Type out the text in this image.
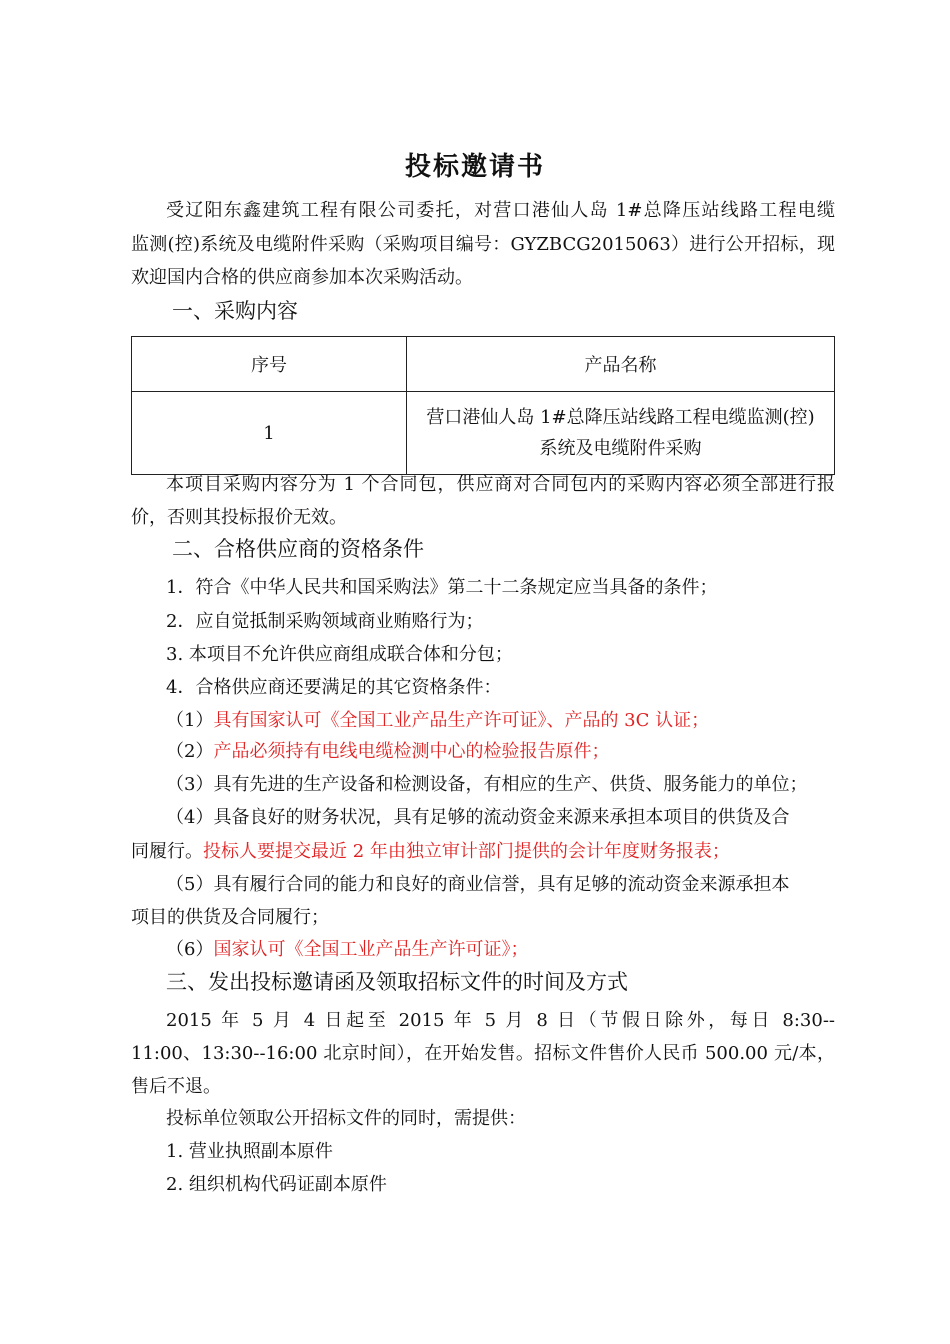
投标邀请书
受辽阳东鑫建筑工程有限公司委托，对营口港仙人岛 1#总降压站线路工程电缆
监测(控)系统及电缆附件采购（采购项目编号：GYZBCG2015063）进行公开招标，现
欢迎国内合格的供应商参加本次采购活动。
一、采购内容
序号	产品名称
1	营口港仙人岛 1#总降压站线路工程电缆监测(控)
系统及电缆附件采购
本项目采购内容分为 1 个合同包，供应商对合同包内的采购内容必须全部进行报
价，否则其投标报价无效。
二、合格供应商的资格条件
1．符合《中华人民共和国采购法》第二十二条规定应当具备的条件；
2．应自觉抵制采购领域商业贿赂行为；
3. 本项目不允许供应商组成联合体和分包；
4．合格供应商还要满足的其它资格条件：
（1）具有国家认可《全国工业产品生产许可证》、产品的 3C 认证；
（2）产品必须持有电线电缆检测中心的检验报告原件；
（3）具有先进的生产设备和检测设备，有相应的生产、供货、服务能力的单位；
（4）具备良好的财务状况，具有足够的流动资金来源来承担本项目的供货及合
同履行。投标人要提交最近 2 年由独立审计部门提供的会计年度财务报表；
（5）具有履行合同的能力和良好的商业信誉，具有足够的流动资金来源承担本
项目的供货及合同履行；
（6）国家认可《全国工业产品生产许可证》；
三、发出投标邀请函及领取招标文件的时间及方式
2015 年 5 月 4 日起至 2015 年 5 月 8 日（节假日除外，每日 8:30--
11:00、13:30--16:00 北京时间），在开始发售。招标文件售价人民币 500.00 元/本，
售后不退。
投标单位领取公开招标文件的同时，需提供：
1. 营业执照副本原件
2. 组织机构代码证副本原件
